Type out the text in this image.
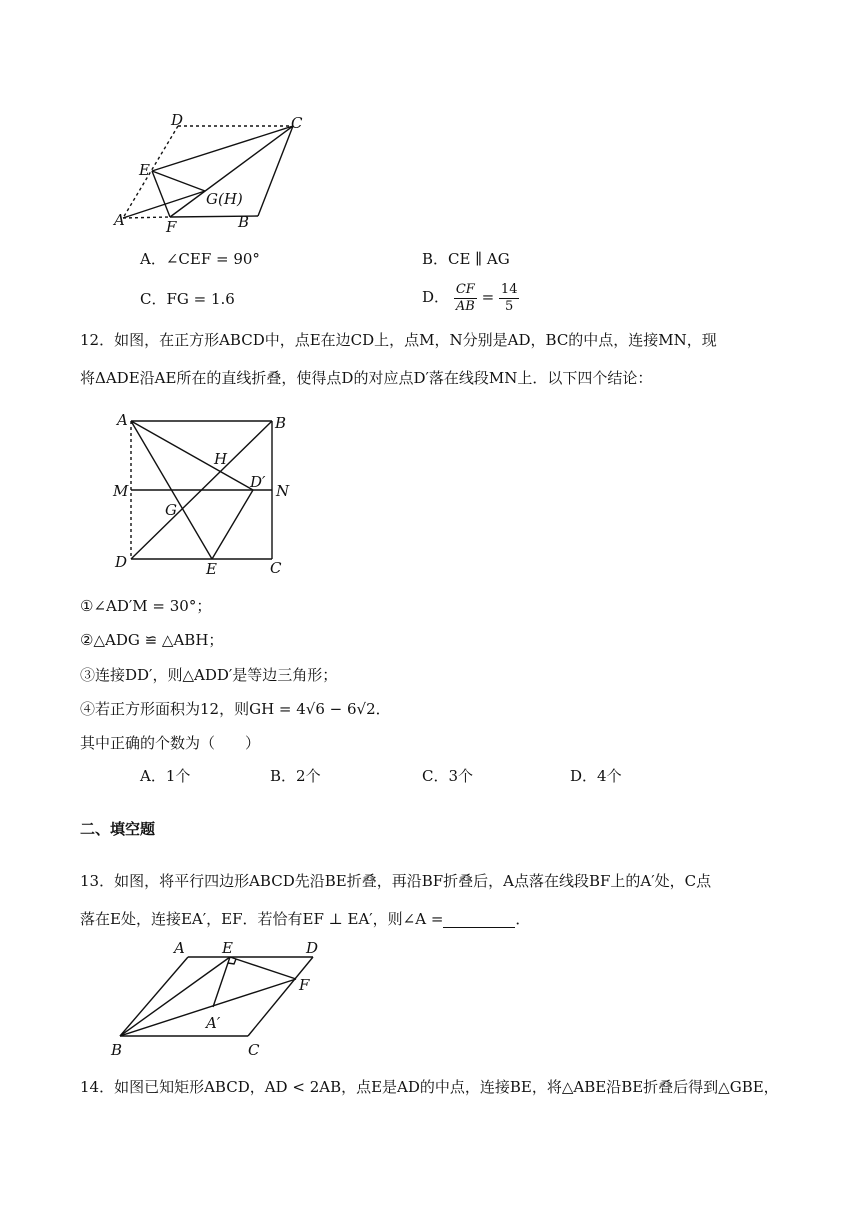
D	C
E
G(H)
A	F	B
A．∠CEF = 90°	B．CE ∥ AG
C．FG = 1.6	D． $\frac{CF}{AB} = \frac{14}{5}$
12．如图，在正方形ABCD中，点E在边CD上，点M，N分别是AD，BC的中点，连接MN，现
将ΔADE沿AE所在的直线折叠，使得点D的对应点D′落在线段MN上．以下四个结论：
A	B
H
D′
M	N
G
D	E	C
①∠AD′M = 30°；
②△ADG ≌ △ABH；
③连接DD′，则△ADD′是等边三角形；
④若正方形面积为12，则GH = 4√6 − 6√2．
其中正确的个数为（　　）
A．1个	B．2个	C．3个	D．4个
二、填空题
13．如图，将平行四边形ABCD先沿BE折叠，再沿BF折叠后，A点落在线段BF上的A′处，C点
落在E处，连接EA′，EF．若恰有EF ⊥ EA′，则∠A =	．
A E	D
F
A′
B	C
14．如图已知矩形ABCD，AD < 2AB，点E是AD的中点，连接BE，将△ABE沿BE折叠后得到△GBE，
